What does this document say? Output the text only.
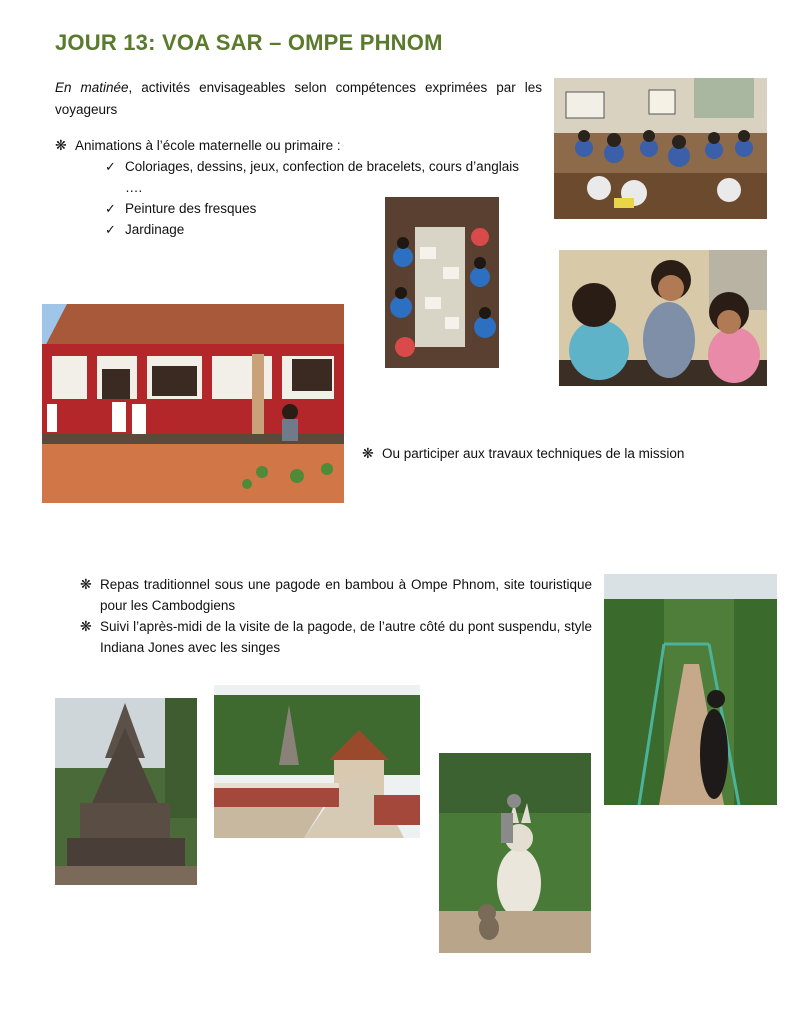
JOUR 13: VOA SAR – OMPE PHNOM
En matinée, activités envisageables selon compétences exprimées par les voyageurs
❋ Animations à l’école maternelle ou primaire :
✓ Coloriages, dessins, jeux, confection de bracelets, cours d’anglais
….
✓ Peinture des fresques
✓ Jardinage
❋ Ou participer aux travaux techniques de la mission
❋ Repas traditionnel sous une pagode en bambou à Ompe Phnom, site touristique pour les Cambodgiens
❋ Suivi l’après-midi de la visite de la pagode, de l’autre côté du pont suspendu, style Indiana Jones avec les singes
